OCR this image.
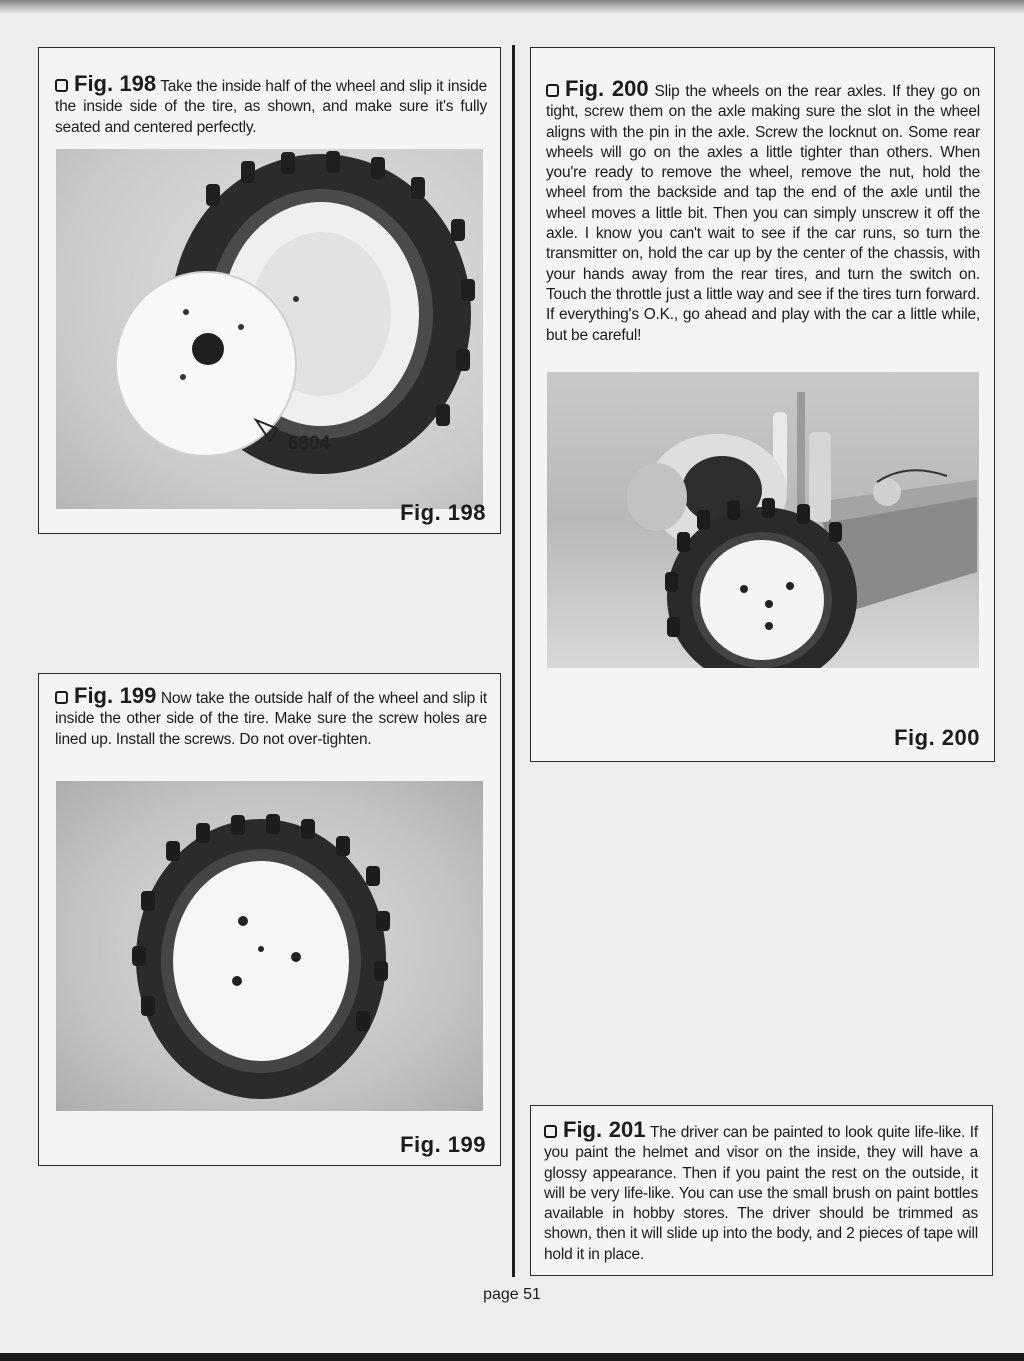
Fig. 198 Take the inside half of the wheel and slip it inside the inside side of the tire, as shown, and make sure it's fully seated and centered perfectly.
6804
Fig. 198
Fig. 199 Now take the outside half of the wheel and slip it inside the other side of the tire. Make sure the screw holes are lined up. Install the screws. Do not over-tighten.
Fig. 199
Fig. 200 Slip the wheels on the rear axles. If they go on tight, screw them on the axle making sure the slot in the wheel aligns with the pin in the axle. Screw the locknut on. Some rear wheels will go on the axles a little tighter than others. When you're ready to remove the wheel, remove the nut, hold the wheel from the backside and tap the end of the axle until the wheel moves a little bit. Then you can simply unscrew it off the axle. I know you can't wait to see if the car runs, so turn the transmitter on, hold the car up by the center of the chassis, with your hands away from the rear tires, and turn the switch on. Touch the throttle just a little way and see if the tires turn forward. If everything's O.K., go ahead and play with the car a little while, but be careful!
Fig. 200
Fig. 201 The driver can be painted to look quite life-like. If you paint the helmet and visor on the inside, they will have a glossy appearance. Then if you paint the rest on the outside, it will be very life-like. You can use the small brush on paint bottles available in hobby stores. The driver should be trimmed as shown, then it will slide up into the body, and 2 pieces of tape will hold it in place.
page 51
